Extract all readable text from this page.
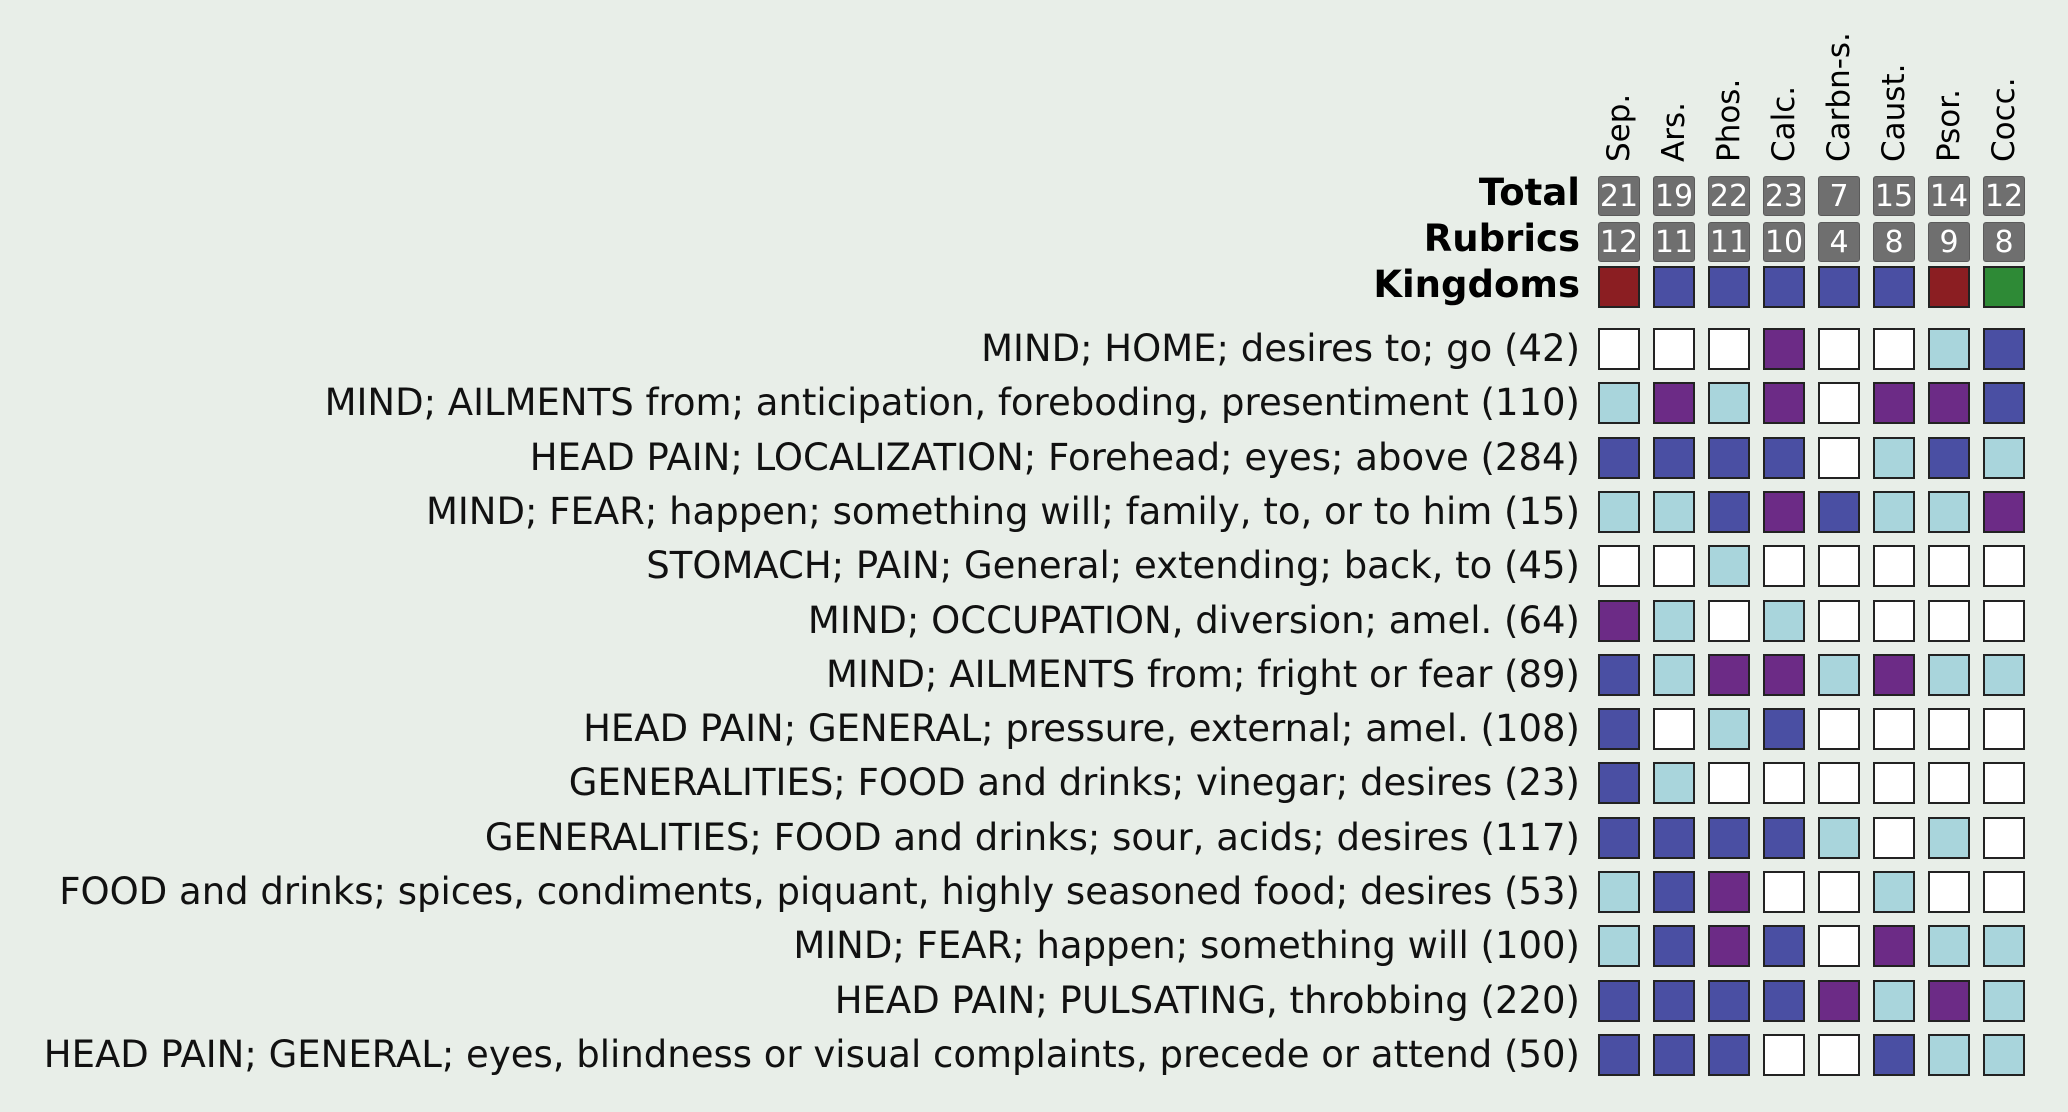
Total
Rubrics
Kingdoms
Sep.
21
12
Ars.
19
11
Phos.
22
11
Calc.
23
10
Carbn-s.
7
4
Caust.
15
8
Psor.
14
9
Cocc.
12
8
MIND; HOME; desires to; go (42)
MIND; AILMENTS from; anticipation, foreboding, presentiment (110)
HEAD PAIN; LOCALIZATION; Forehead; eyes; above (284)
MIND; FEAR; happen; something will; family, to, or to him (15)
STOMACH; PAIN; General; extending; back, to (45)
MIND; OCCUPATION, diversion; amel. (64)
MIND; AILMENTS from; fright or fear (89)
HEAD PAIN; GENERAL; pressure, external; amel. (108)
GENERALITIES; FOOD and drinks; vinegar; desires (23)
GENERALITIES; FOOD and drinks; sour, acids; desires (117)
FOOD and drinks; spices, condiments, piquant, highly seasoned food; desires (53)
MIND; FEAR; happen; something will (100)
HEAD PAIN; PULSATING, throbbing (220)
HEAD PAIN; GENERAL; eyes, blindness or visual complaints, precede or attend (50)
